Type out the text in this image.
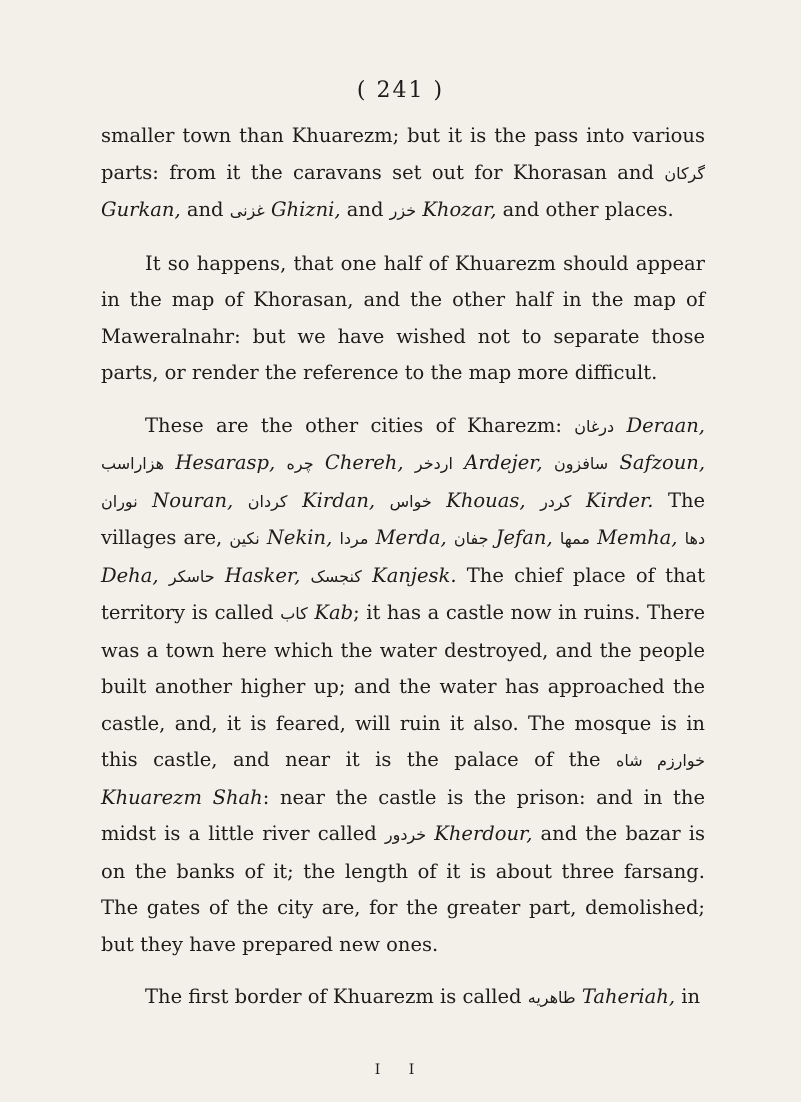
( 241 )

smaller town than Khuarezm; but it is the pass into various parts: from it the caravans set out for Khorasan and گرکان Gurkan, and غزنی Ghizni, and خزر Khozar, and other places.

It so happens, that one half of Khuarezm should appear in the map of Khorasan, and the other half in the map of Maweralnahr: but we have wished not to separate those parts, or render the reference to the map more difficult.

These are the other cities of Kharezm: درغان Deraan, هزاراسب Hesarasp, چره Chereh, اردخر Ardejer, سافزون Safzoun, نوران Nouran, کردان Kirdan, خواس Khouas, کردر Kirder. The villages are, نکین Nekin, مردا Merda, جفان Jefan, ممها Memha, دها Deha, حاسکر Hasker, کنجسک Kanjesk. The chief place of that territory is called کاب Kab; it has a castle now in ruins. There was a town here which the water destroyed, and the people built another higher up; and the water has approached the castle, and, it is feared, will ruin it also. The mosque is in this castle, and near it is the palace of the خوارزم شاه Khuarezm Shah: near the castle is the prison: and in the midst is a little river called خردور Kherdour, and the bazar is on the banks of it; the length of it is about three farsang. The gates of the city are, for the greater part, demolished; but they have prepared new ones.

The first border of Khuarezm is called طاهریه Taheriah, in

I I
